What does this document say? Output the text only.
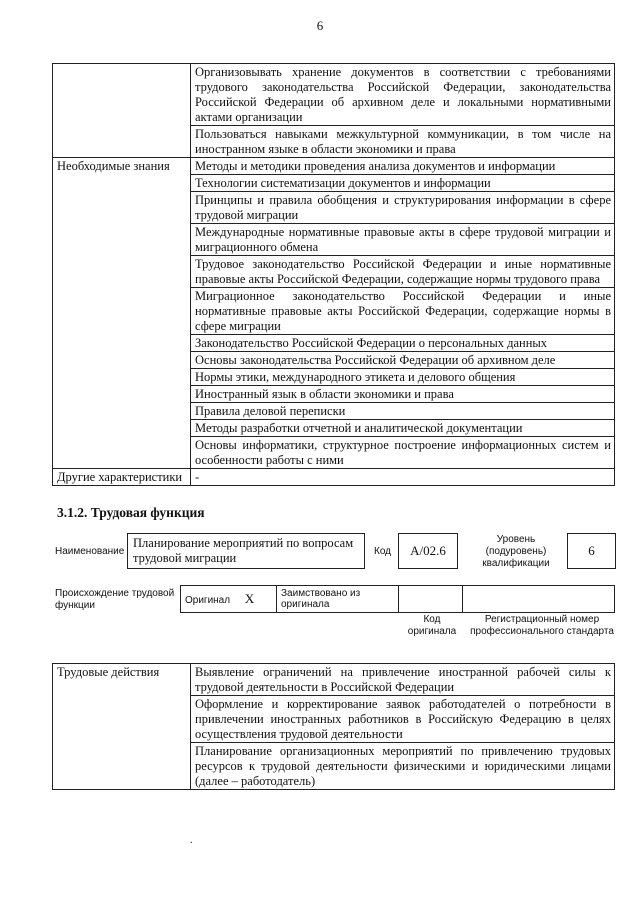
6
	Организовывать хранение документов в соответствии с требованиями трудового законодательства Российской Федерации, законодательства Российской Федерации об архивном деле и локальными нормативными актами организации
	Пользоваться навыками межкультурной коммуникации, в том числе на иностранном языке в области экономики и права
Необходимые знания	Методы и методики проведения анализа документов и информации
	Технологии систематизации документов и информации
	Принципы и правила обобщения и структурирования информации в сфере трудовой миграции
	Международные нормативные правовые акты в сфере трудовой миграции и миграционного обмена
	Трудовое законодательство Российской Федерации и иные нормативные правовые акты Российской Федерации, содержащие нормы трудового права
	Миграционное законодательство Российской Федерации и иные нормативные правовые акты Российской Федерации, содержащие нормы в сфере миграции
	Законодательство Российской Федерации о персональных данных
	Основы законодательства Российской Федерации об архивном деле
	Нормы этики, международного этикета и делового общения
	Иностранный язык в области экономики и права
	Правила деловой переписки
	Методы разработки отчетной и аналитической документации
	Основы информатики, структурное построение информационных систем и особенности работы с ними
Другие характеристики	-
3.1.2. Трудовая функция
Наименование
Планирование мероприятий по вопросам трудовой миграции	Код	А/02.6
Уровень (подуровень) квалификации
6
Происхождение трудовой функции	Оригинал X	Заимствовано из оригинала		
Код оригинала
Регистрационный номер профессионального стандарта
Трудовые действия	Выявление ограничений на привлечение иностранной рабочей силы к трудовой деятельности в Российской Федерации
Оформление и корректирование заявок работодателей о потребности в привлечении иностранных работников в Российскую Федерацию в целях осуществления трудовой деятельности
Планирование организационных мероприятий по привлечению трудовых ресурсов к трудовой деятельности физическими и юридическими лицами (далее – работодатель)
.
